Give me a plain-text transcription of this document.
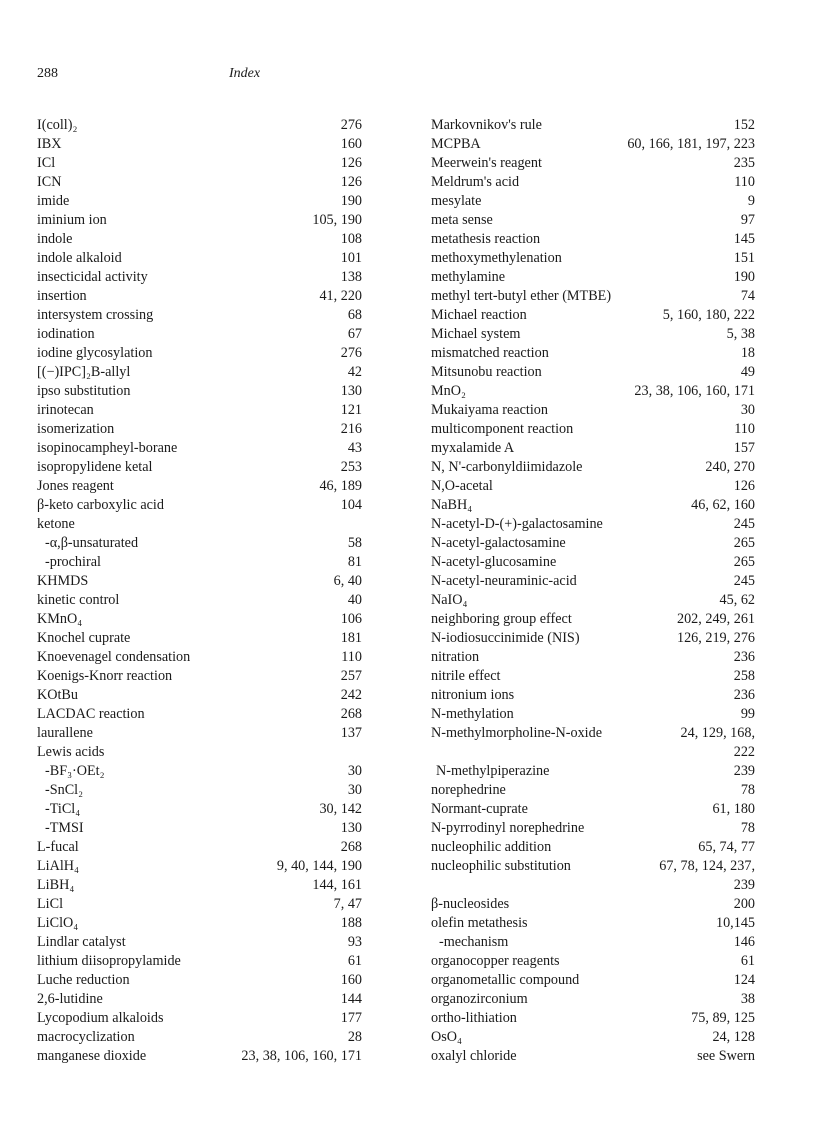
288	Index
I(coll)₂	276
IBX	160
ICl	126
ICN	126
imide	190
iminium ion	105, 190
indole	108
indole alkaloid	101
insecticidal activity	138
insertion	41, 220
intersystem crossing	68
iodination	67
iodine glycosylation	276
[(−)IPC]₂B-allyl	42
ipso substitution	130
irinotecan	121
isomerization	216
isopinocampheyl-borane	43
isopropylidene ketal	253
Jones reagent	46, 189
β-keto carboxylic acid	104
ketone
-α,β-unsaturated	58
-prochiral	81
KHMDS	6, 40
kinetic control	40
KMnO₄	106
Knochel cuprate	181
Knoevenagel condensation	110
Koenigs-Knorr reaction	257
KOtBu	242
LACDAC reaction	268
laurallene	137
Lewis acids
-BF₃·OEt₂	30
-SnCl₂	30
-TiCl₄	30, 142
-TMSI	130
L-fucal	268
LiAlH₄	9, 40, 144, 190
LiBH₄	144, 161
LiCl	7, 47
LiClO₄	188
Lindlar catalyst	93
lithium diisopropylamide	61
Luche reduction	160
2,6-lutidine	144
Lycopodium alkaloids	177
macrocyclization	28
manganese dioxide	23, 38, 106, 160, 171
Markovnikov's rule	152
MCPBA	60, 166, 181, 197, 223
Meerwein's reagent	235
Meldrum's acid	110
mesylate	9
meta sense	97
metathesis reaction	145
methoxymethylenation	151
methylamine	190
methyl tert-butyl ether (MTBE)	74
Michael reaction	5, 160, 180, 222
Michael system	5, 38
mismatched reaction	18
Mitsunobu reaction	49
MnO₂	23, 38, 106, 160, 171
Mukaiyama reaction	30
multicomponent reaction	110
myxalamide A	157
N, N'-carbonyldiimidazole	240, 270
N,O-acetal	126
NaBH₄	46, 62, 160
N-acetyl-D-(+)-galactosamine	245
N-acetyl-galactosamine	265
N-acetyl-glucosamine	265
N-acetyl-neuraminic-acid	245
NaIO₄	45, 62
neighboring group effect	202, 249, 261
N-iodiosuccinimide (NIS)	126, 219, 276
nitration	236
nitrile effect	258
nitronium ions	236
N-methylation	99
N-methylmorpholine-N-oxide	24, 129, 168,
222
N-methylpiperazine	239
norephedrine	78
Normant-cuprate	61, 180
N-pyrrodinyl norephedrine	78
nucleophilic addition	65, 74, 77
nucleophilic substitution	67, 78, 124, 237,
239
β-nucleosides	200
olefin metathesis	10,145
-mechanism	146
organocopper reagents	61
organometallic compound	124
organozirconium	38
ortho-lithiation	75, 89, 125
OsO₄	24, 128
oxalyl chloride	see Swern
